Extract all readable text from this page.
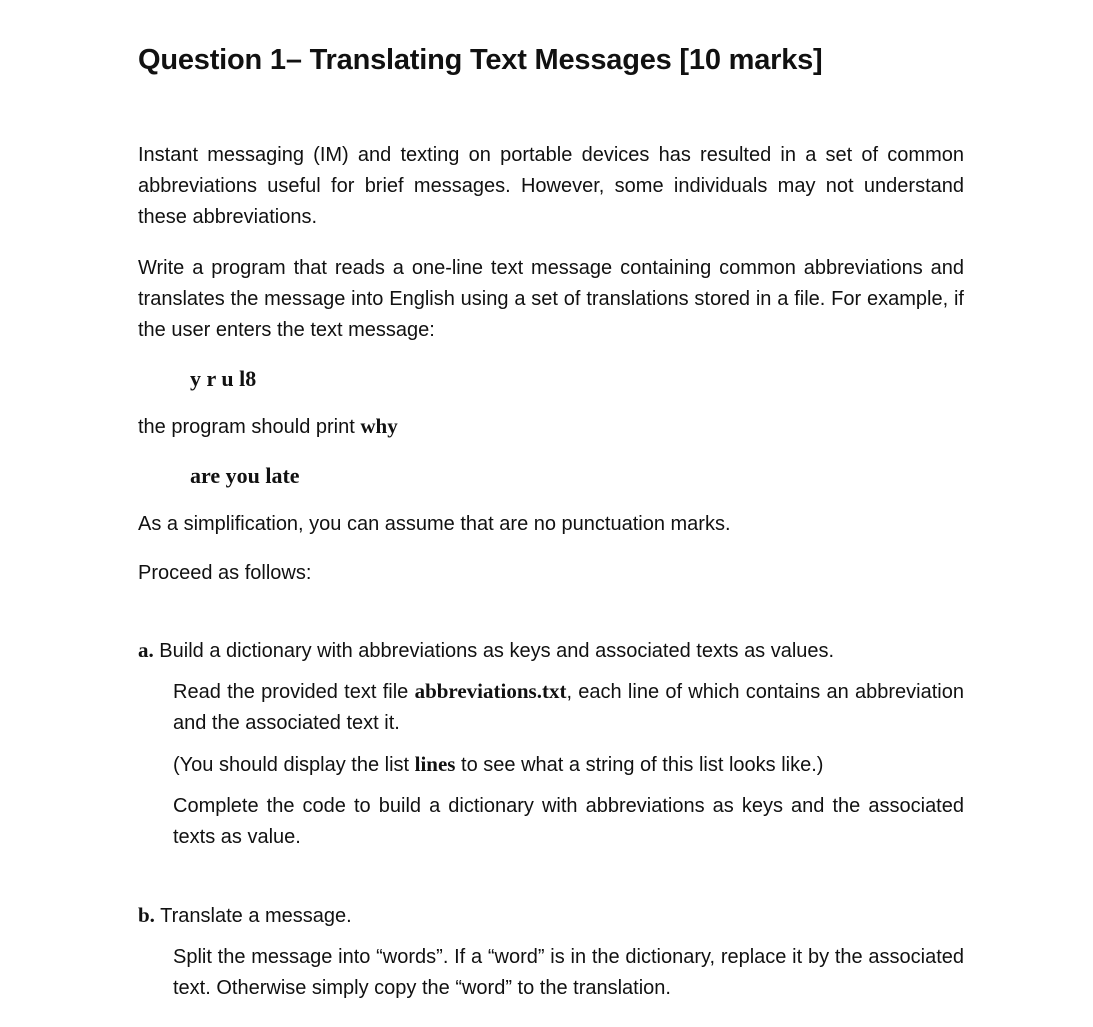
Question 1– Translating Text Messages [10 marks]

Instant messaging (IM) and texting on portable devices has resulted in a set of common abbreviations useful for brief messages. However, some individuals may not understand these abbreviations.

Write a program that reads a one-line text message containing common abbreviations and translates the message into English using a set of translations stored in a file. For example, if the user enters the text message:

y r u l8

the program should print why

are you late

As a simplification, you can assume that are no punctuation marks.

Proceed as follows:

a. Build a dictionary with abbreviations as keys and associated texts as values.

Read the provided text file abbreviations.txt, each line of which contains an abbreviation and the associated text it.

(You should display the list lines to see what a string of this list looks like.)

Complete the code to build a dictionary with abbreviations as keys and the associated texts as value.

b. Translate a message.

Split the message into “words”. If a “word” is in the dictionary, replace it by the associated text. Otherwise simply copy the “word” to the translation.
